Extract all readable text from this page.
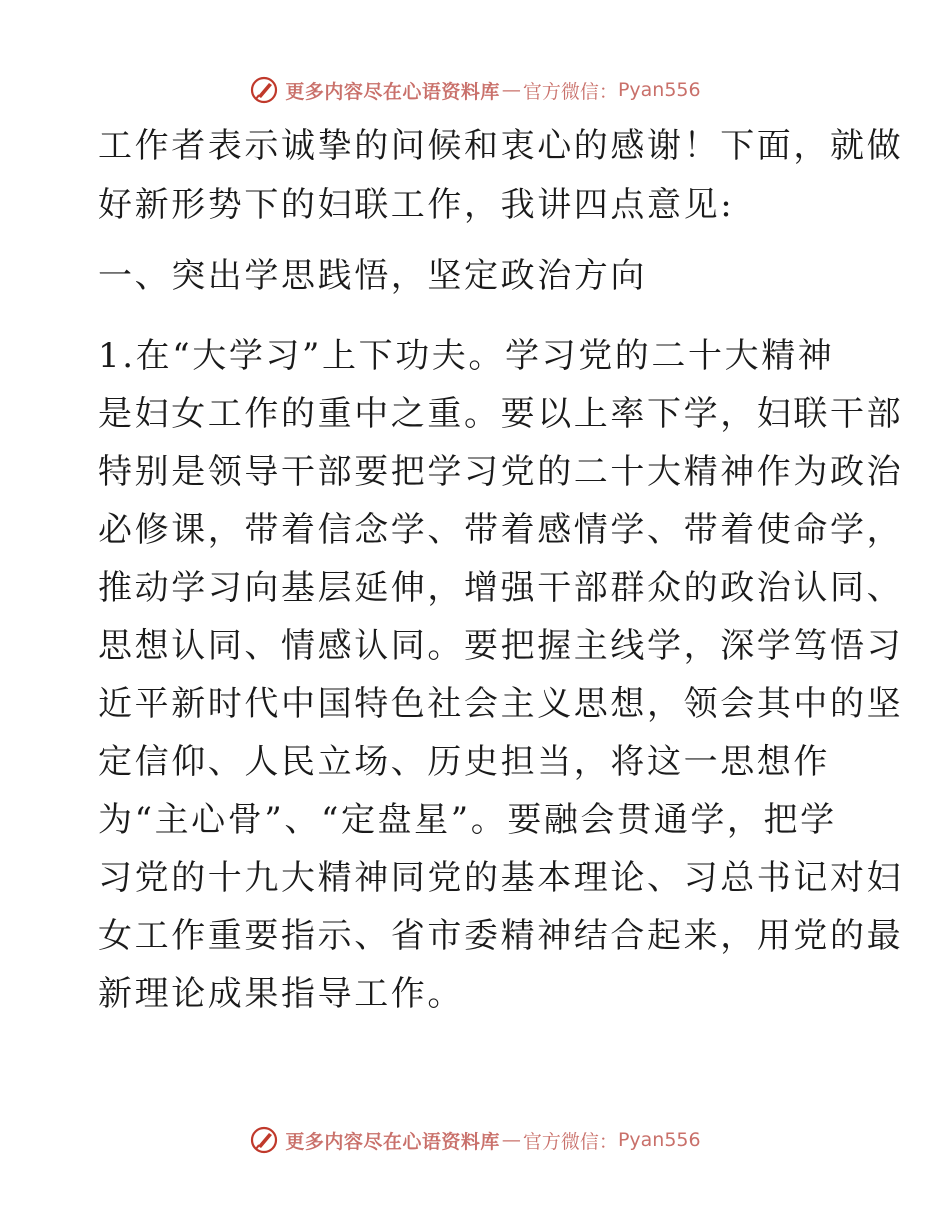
更多内容尽在心语资料库 — 官方微信： Pyan556
工作者表示诚挚的问候和衷心的感谢！下面，就做
好新形势下的妇联工作，我讲四点意见:
一、突出学思践悟，坚定政治方向
1.在“大学习”上下功夫。学习党的二十大精神
是妇女工作的重中之重。要以上率下学，妇联干部
特别是领导干部要把学习党的二十大精神作为政治
必修课，带着信念学、带着感情学、带着使命学，
推动学习向基层延伸，增强干部群众的政治认同、
思想认同、情感认同。要把握主线学，深学笃悟习
近平新时代中国特色社会主义思想，领会其中的坚
定信仰、人民立场、历史担当，将这一思想作
为“主心骨”、“定盘星”。要融会贯通学，把学
习党的十九大精神同党的基本理论、习总书记对妇
女工作重要指示、省市委精神结合起来，用党的最
新理论成果指导工作。
更多内容尽在心语资料库 — 官方微信： Pyan556
